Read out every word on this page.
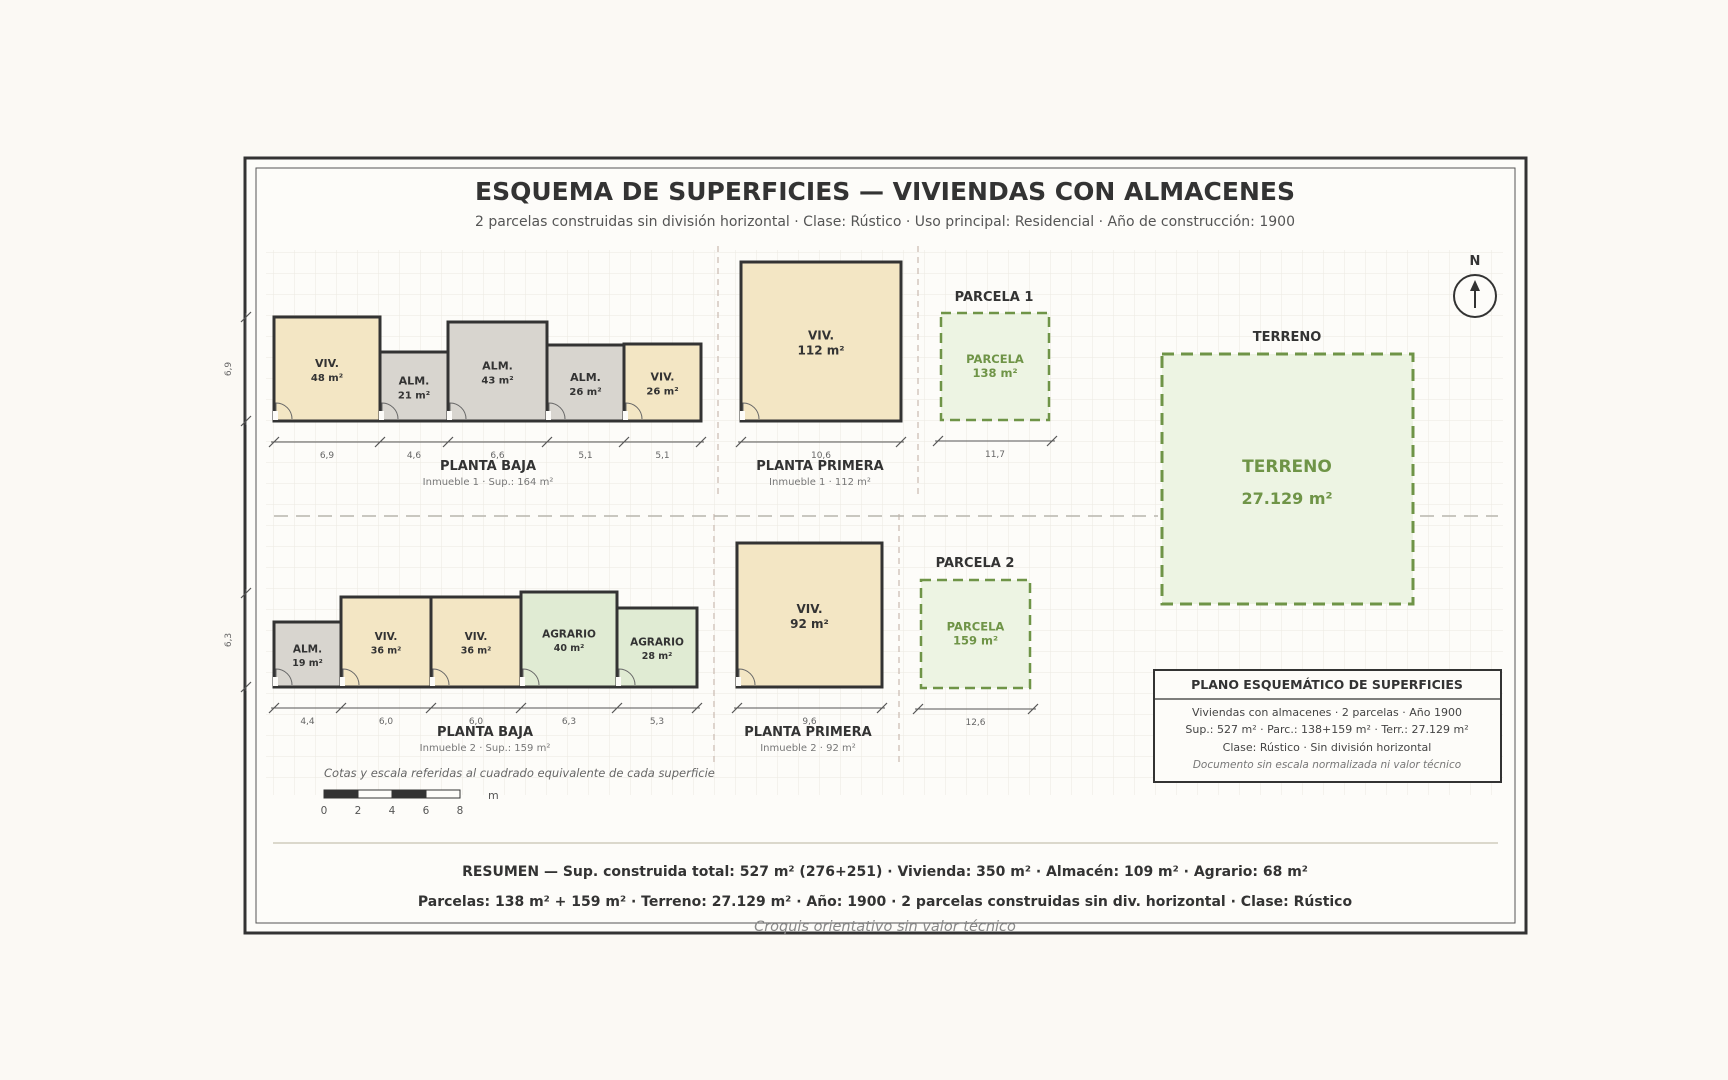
ESQUEMA DE SUPERFICIES — VIVIENDAS CON ALMACENES
2 parcelas construidas sin división horizontal · Clase: Rústico · Uso principal: Residencial · Año de construcción: 1900
VIV.
48 m²	ALM.
21 m²
ALM.
43 m²	ALM.
26 m²
VIV.
26 m²
6,9	4,6	6,6	5,1	5,1
6,9
VIV.
112 m²
10,6
PARCELA
138 m²
11,7
ALM.
19 m²
VIV.
36 m²
VIV.
36 m²
AGRARIO
40 m²	AGRARIO
28 m²
4,4	6,0	6,0	6,3	5,3
6,3
VIV.
92 m²
9,6
PARCELA
159 m²
12,6
PLANTA BAJA
Inmueble 1 · Sup.: 164 m²
PLANTA PRIMERA
Inmueble 1 · 112 m²
PARCELA 1
PLANTA BAJA
Inmueble 2 · Sup.: 159 m²
PLANTA PRIMERA
Inmueble 2 · 92 m²
PARCELA 2
TERRENO
TERRENO
27.129 m²
N
PLANO ESQUEMÁTICO DE SUPERFICIES
Viviendas con almacenes · 2 parcelas · Año 1900
Sup.: 527 m² · Parc.: 138+159 m² · Terr.: 27.129 m²
Clase: Rústico · Sin división horizontal
Documento sin escala normalizada ni valor técnico
Cotas y escala referidas al cuadrado equivalente de cada superficie
0	2	4	6	8
m
RESUMEN — Sup. construida total: 527 m² (276+251) · Vivienda: 350 m² · Almacén: 109 m² · Agrario: 68 m²
Parcelas: 138 m² + 159 m² · Terreno: 27.129 m² · Año: 1900 · 2 parcelas construidas sin div. horizontal · Clase: Rústico
Croquis orientativo sin valor técnico
